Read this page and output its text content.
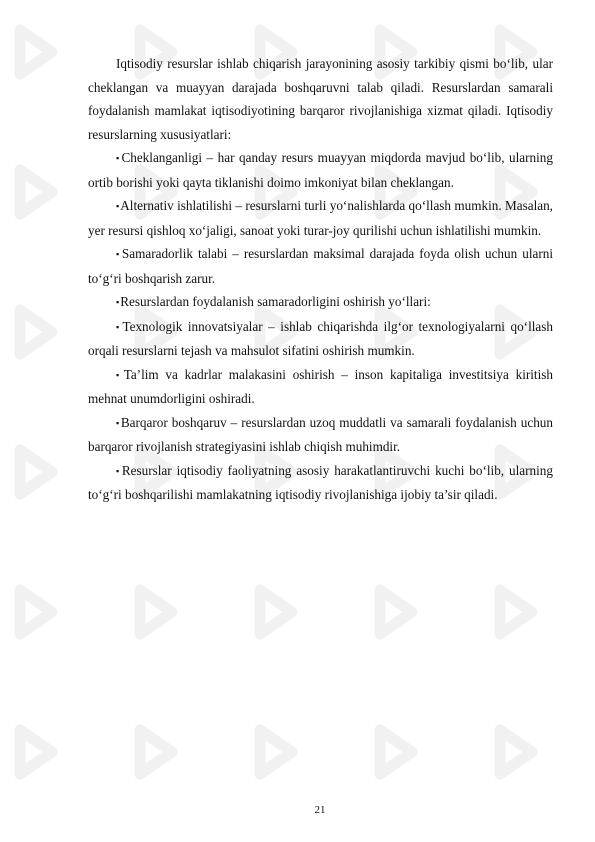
Iqtisodiy resurslar ishlab chiqarish jarayonining asosiy tarkibiy qismi bo‘lib, ular cheklangan va muayyan darajada boshqaruvni talab qiladi. Resurslardan samarali foydalanish mamlakat iqtisodiyotining barqaror rivojlanishiga xizmat qiladi. Iqtisodiy resurslarning xususiyatlari:

▪Cheklanganligi – har qanday resurs muayyan miqdorda mavjud bo‘lib, ularning ortib borishi yoki qayta tiklanishi doimo imkoniyat bilan cheklangan.

▪Alternativ ishlatilishi – resurslarni turli yo‘nalishlarda qo‘llash mumkin. Masalan, yer resursi qishloq xo‘jaligi, sanoat yoki turar-joy qurilishi uchun ishlatilishi mumkin.

▪Samaradorlik talabi – resurslardan maksimal darajada foyda olish uchun ularni to‘g‘ri boshqarish zarur.

▪Resurslardan foydalanish samaradorligini oshirish yo‘llari:

▪Texnologik innovatsiyalar – ishlab chiqarishda ilg‘or texnologiyalarni qo‘llash orqali resurslarni tejash va mahsulot sifatini oshirish mumkin.

▪Ta’lim va kadrlar malakasini oshirish – inson kapitaliga investitsiya kiritish mehnat unumdorligini oshiradi.

▪Barqaror boshqaruv – resurslardan uzoq muddatli va samarali foydalanish uchun barqaror rivojlanish strategiyasini ishlab chiqish muhimdir.

▪Resurslar iqtisodiy faoliyatning asosiy harakatlantiruvchi kuchi bo‘lib, ularning to‘g‘ri boshqarilishi mamlakatning iqtisodiy rivojlanishiga ijobiy ta’sir qiladi.

21
